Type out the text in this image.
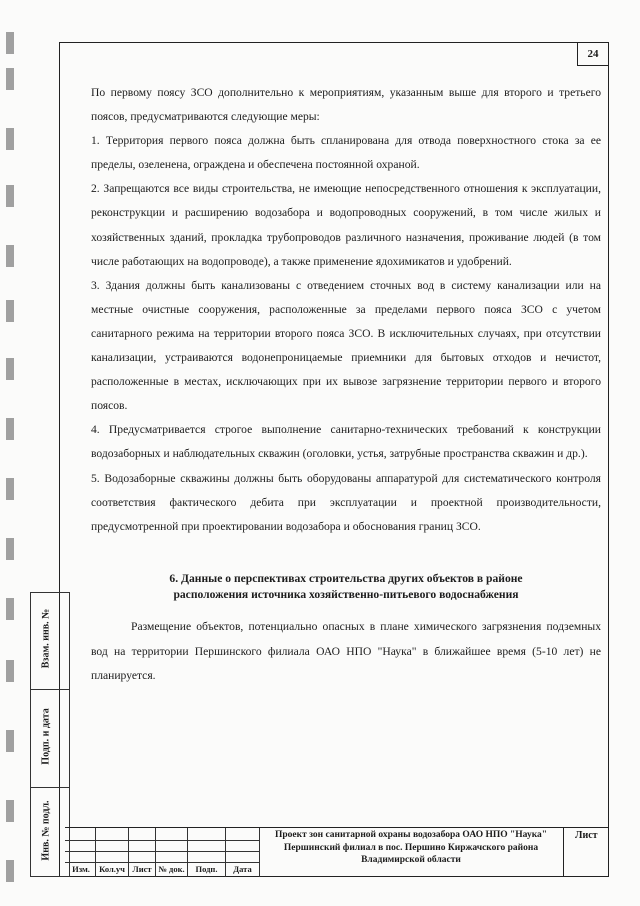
24

По первому поясу ЗСО дополнительно к мероприятиям, указанным выше для второго и третьего поясов, предусматриваются следующие меры:

1. Территория первого пояса должна быть спланирована для отвода поверхностного стока за ее пределы, озеленена, ограждена и обеспечена постоянной охраной.

2. Запрещаются все виды строительства, не имеющие непосредственного отношения к эксплуатации, реконструкции и расширению водозабора и водопроводных сооружений, в том числе жилых и хозяйственных зданий, прокладка трубопроводов различного назначения, проживание людей (в том числе работающих на водопроводе), а также применение ядохимикатов и удобрений.

3. Здания должны быть канализованы с отведением сточных вод в систему канализации или на местные очистные сооружения, расположенные за пределами первого пояса ЗСО с учетом санитарного режима на территории второго пояса ЗСО. В исключительных случаях, при отсутствии канализации, устраиваются водонепроницаемые приемники для бытовых отходов и нечистот, расположенные в местах, исключающих при их вывозе загрязнение территории первого и второго поясов.

4. Предусматривается строгое выполнение санитарно-технических требований к конструкции водозаборных и наблюдательных скважин (оголовки, устья, затрубные пространства скважин и др.).

5. Водозаборные скважины должны быть оборудованы аппаратурой для систематического контроля соответствия фактического дебита при эксплуатации и проектной производительности, предусмотренной при проектировании водозабора и обоснования границ ЗСО.

6. Данные о перспективах строительства других объектов в районе
расположения источника хозяйственно-питьевого водоснабжения

Размещение объектов, потенциально опасных в плане химического загрязнения подземных вод на территории Першинского филиала ОАО НПО "Наука" в ближайшее время (5-10 лет) не планируется.

Взам. инв. №
Подп. и дата
Инв. № подл.
Изм.	Кол.уч Лист № док.	Подп.	Дата
Проект зон санитарной охраны водозабора ОАО НПО "Наука"
Першинский филиал в пос. Першино Киржачского района
Владимирской области
Лист
